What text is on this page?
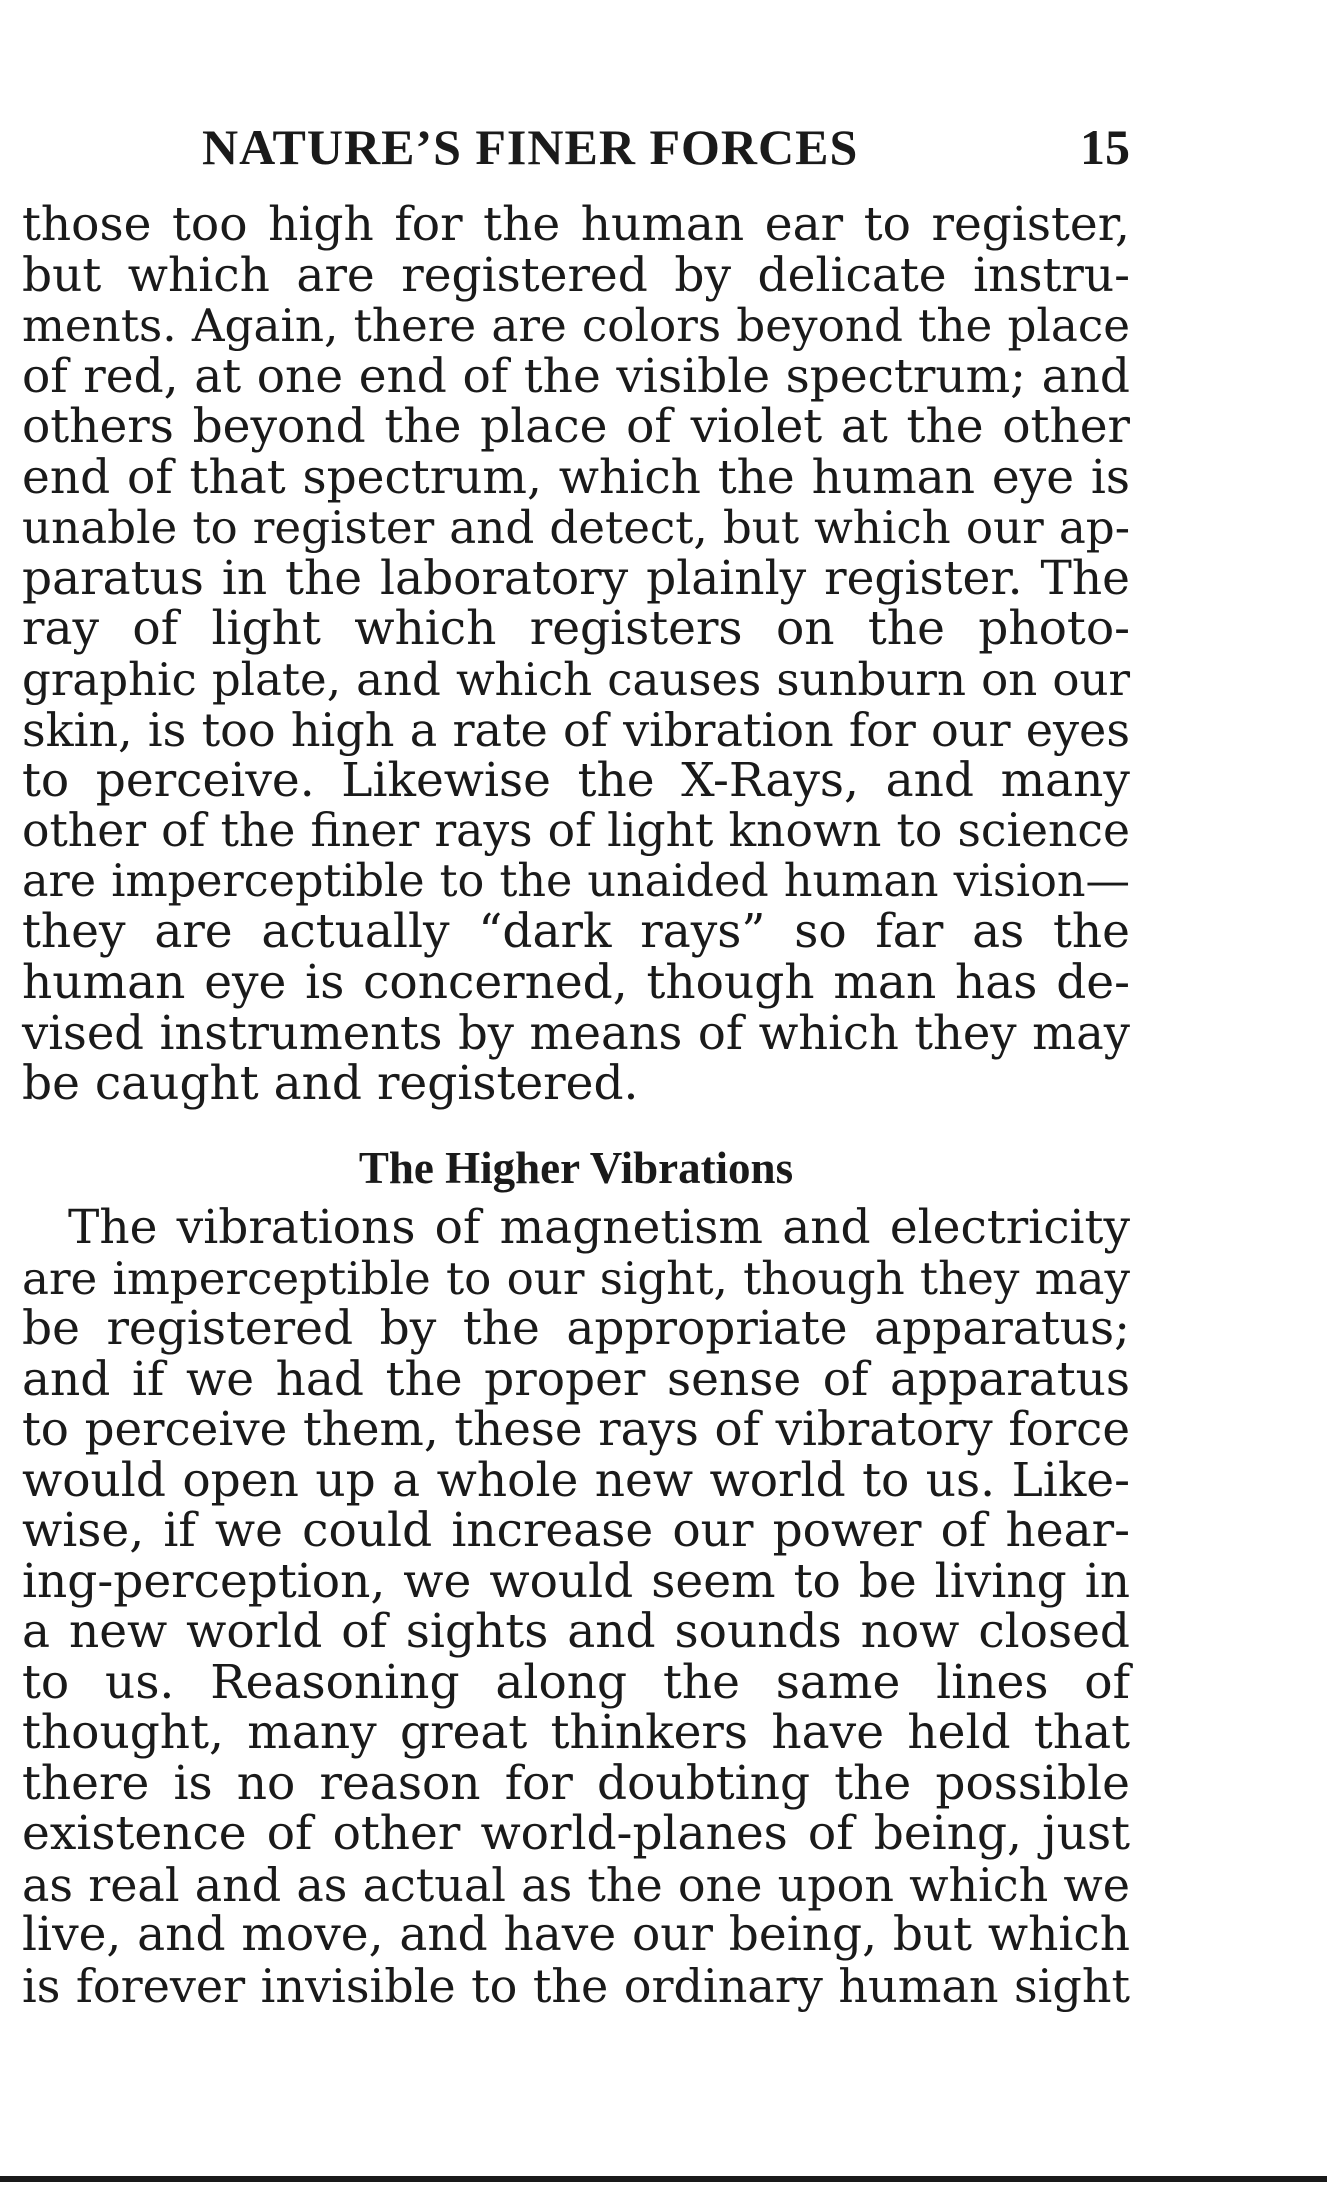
NATURE’S FINER FORCES	15
those too high for the human ear to register,
but which are registered by delicate instru-
ments. Again, there are colors beyond the place
of red, at one end of the visible spectrum; and
others beyond the place of violet at the other
end of that spectrum, which the human eye is
unable to register and detect, but which our ap-
paratus in the laboratory plainly register. The
ray of light which registers on the photo-
graphic plate, and which causes sunburn on our
skin, is too high a rate of vibration for our eyes
to perceive. Likewise the X-Rays, and many
other of the finer rays of light known to science
are imperceptible to the unaided human vision—
they are actually “dark rays” so far as the
human eye is concerned, though man has de-
vised instruments by means of which they may
be caught and registered.
The Higher Vibrations
The vibrations of magnetism and electricity
are imperceptible to our sight, though they may
be registered by the appropriate apparatus;
and if we had the proper sense of apparatus
to perceive them, these rays of vibratory force
would open up a whole new world to us. Like-
wise, if we could increase our power of hear-
ing-perception, we would seem to be living in
a new world of sights and sounds now closed
to us. Reasoning along the same lines of
thought, many great thinkers have held that
there is no reason for doubting the possible
existence of other world-planes of being, just
as real and as actual as the one upon which we
live, and move, and have our being, but which
is forever invisible to the ordinary human sight
